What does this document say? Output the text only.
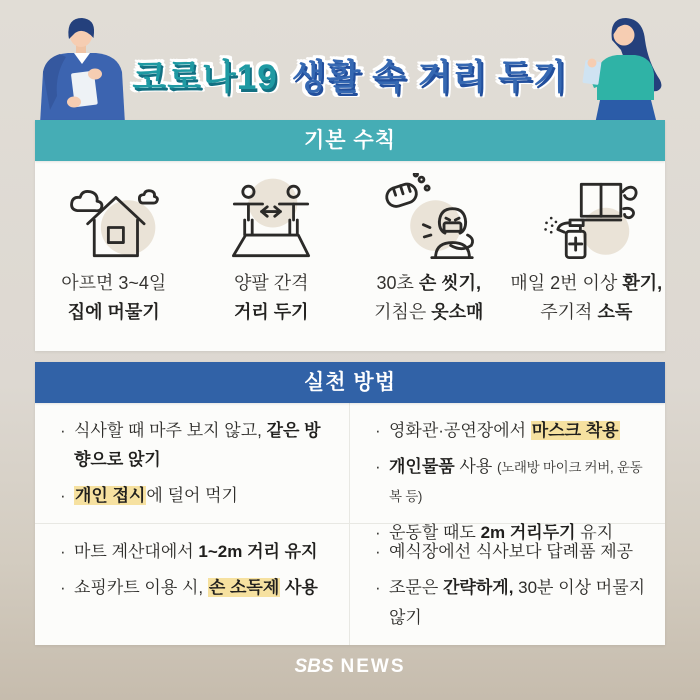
코로나19 생활 속 거리 두기
기본 수칙
아프면 3~4일
집에 머물기
양팔 간격
거리 두기
30초 손 씻기,
기침은 옷소매
매일 2번 이상 환기,
주기적 소독
실천 방법
· 식사할 때 마주 보지 않고, 같은 방향으로 앉기
· 개인 접시에 덜어 먹기
· 영화관·공연장에서 마스크 착용
· 개인물품 사용 (노래방 마이크 커버, 운동복 등)
· 운동할 때도 2m 거리두기 유지
· 마트 계산대에서 1~2m 거리 유지
· 쇼핑카트 이용 시, 손 소독제 사용
· 예식장에선 식사보다 답례품 제공
· 조문은 간략하게, 30분 이상 머물지 않기
SBS NEWS
